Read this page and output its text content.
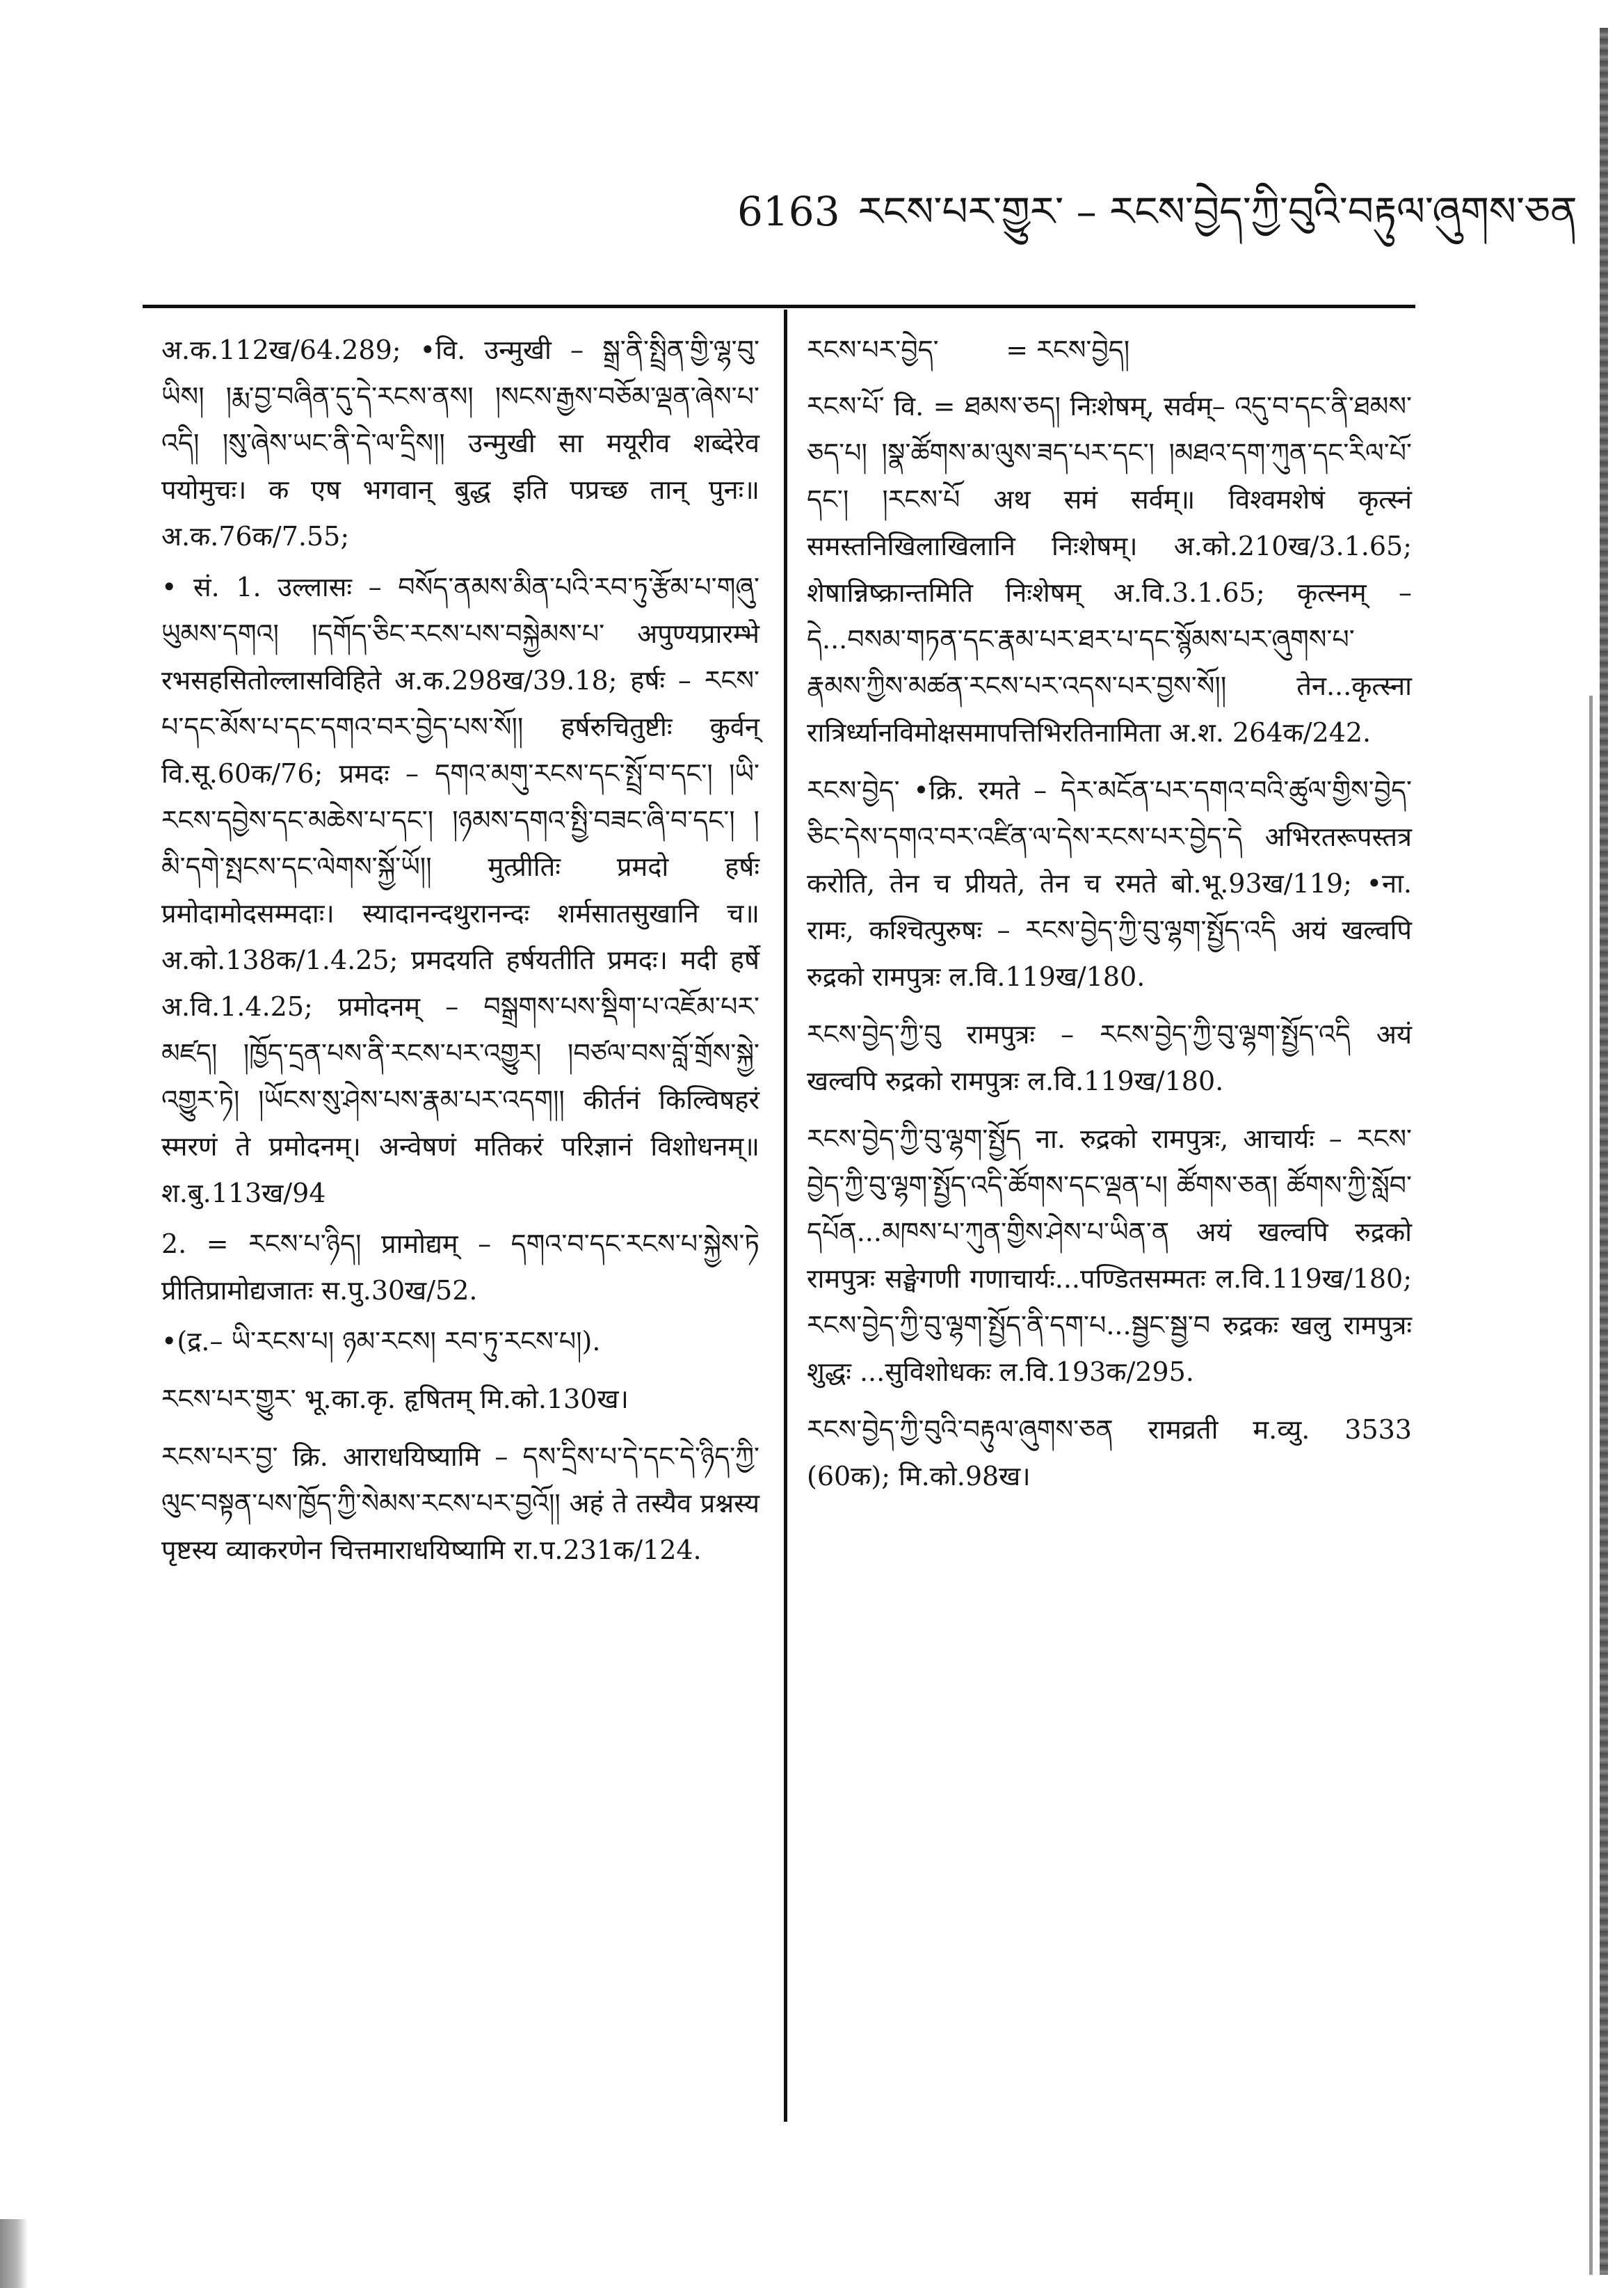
6163 རངས་པར་གྱུར་ – རངས་བྱེད་ཀྱི་བུའི་བརྟུལ་ཞུགས་ཅན

अ.क.112ख/64.289; •वि. उन्मुखी – སྒྲ་ནི་སྤྲིན་གྱི་ལྷ་བུ་ཡིས། །རྨ་བྱ་བཞིན་དུ་དེ་རངས་ནས། །སངས་རྒྱས་བཅོམ་ལྡན་ཞེས་པ་འདི། །སུ་ཞེས་ཡང་ནི་དེ་ལ་དྲིས།། उन्मुखी सा मयूरीव शब्देरेव पयोमुचः। क एष भगवान् बुद्ध इति पप्रच्छ तान् पुनः॥ अ.क.76क/7.55;

• सं. 1. उल्लासः – བསོད་ནམས་མིན་པའི་རབ་ཏུ་རྩོམ་པ་གཞུ་ཡུམས་དགའ། །དགོད་ཅིང་རངས་པས་བསྐྱེམས་པ་ अपुण्यप्रारम्भे रभसहसितोल्लासविहिते अ.क.298ख/39.18; हर्षः – རངས་པ་དང་མོས་པ་དང་དགའ་བར་བྱེད་པས་སོ།། हर्षरुचितुष्टीः कुर्वन् वि.सू.60क/76; प्रमदः – དགའ་མགུ་རངས་དང་སྤྲོ་བ་དང་། །ཡི་རངས་དབྱེས་དང་མཆེས་པ་དང་། །ཉམས་དགའ་སྤྱི་བཟང་ཞི་བ་དང་། །མི་དགེ་སྤངས་དང་ལེགས་སྐྱོ་ཡོ།། मुत्प्रीतिः प्रमदो हर्षः प्रमोदामोदसम्मदाः। स्यादानन्दथुरानन्दः शर्मसातसुखानि च॥ अ.को.138क/1.4.25; प्रमदयति हर्षयतीति प्रमदः। मदी हर्षे अ.वि.1.4.25; प्रमोदनम् – བསྒྲགས་པས་སྡིག་པ་འཇོམ་པར་མཛད། །ཁྱོད་དྲན་པས་ནི་རངས་པར་འགྱུར། །བཙལ་བས་བློ་གྲོས་སྐྱེ་འགྱུར་ཏེ། །ཡོངས་སུ་ཤེས་པས་རྣམ་པར་འདག།། कीर्तनं किल्विषहरं स्मरणं ते प्रमोदनम्। अन्वेषणं मतिकरं परिज्ञानं विशोधनम्॥ श.बु.113ख/94

2. = རངས་པ་ཉིད། प्रामोद्यम् – དགའ་བ་དང་རངས་པ་སྐྱེས་ཏེ प्रीतिप्रामोद्यजातः स.पु.30ख/52.

•(द्र.– ཡི་རངས་པ། ཉམ་རངས། རབ་ཏུ་རངས་པ།).

རངས་པར་གྱུར་ भू.का.कृ. हृषितम् मि.को.130ख।

རངས་པར་བྱ་ क्रि. आराधयिष्यामि – དས་དྲིས་པ་དེ་དང་དེ་ཉིད་ཀྱི་ལུང་བསྟན་པས་ཁྱོད་ཀྱི་སེམས་རངས་པར་བྱའོ།། अहं ते तस्यैव प्रश्नस्य पृष्टस्य व्याकरणेन चित्तमाराधयिष्यामि रा.प.231क/124.

རངས་པར་བྱེད་	= རངས་བྱེད།

རངས་པོ་ वि. = ཐམས་ཅད། निःशेषम्, सर्वम्– འདུ་བ་དང་ནི་ཐམས་ཅད་པ། །སྣ་ཚོགས་མ་ལུས་ཟད་པར་དང་། །མཐའ་དག་ཀུན་དང་རིལ་པོ་དང་། །རངས་པོ अथ समं सर्वम्॥ विश्वमशेषं कृत्स्नं समस्तनिखिलाखिलानि निःशेषम्। अ.को.210ख/3.1.65; शेषान्निष्क्रान्तमिति निःशेषम् अ.वि.3.1.65; कृत्स्नम् – དེ...བསམ་གཏན་དང་རྣམ་པར་ཐར་པ་དང་སྙོམས་པར་ཞུགས་པ་རྣམས་ཀྱིས་མཚན་རངས་པར་འདས་པར་བྱས་སོ།། तेन...कृत्स्ना रात्रिर्ध्यानविमोक्षसमापत्तिभिरतिनामिता अ.श. 264क/242.

རངས་བྱེད་ •क्रि. रमते – དེར་མངོན་པར་དགའ་བའི་ཚུལ་གྱིས་བྱེད་ཅིང་དེས་དགའ་བར་འཛིན་ལ་དེས་རངས་པར་བྱེད་དེ अभिरतरूपस्तत्र करोति, तेन च प्रीयते, तेन च रमते बो.भू.93ख/119; •ना. रामः, कश्चित्पुरुषः – རངས་བྱེད་ཀྱི་བུ་ལྷག་སྤྱོད་འདི अयं खल्वपि रुद्रको रामपुत्रः ल.वि.119ख/180.

རངས་བྱེད་ཀྱི་བུ रामपुत्रः – རངས་བྱེད་ཀྱི་བུ་ལྷག་སྤྱོད་འདི अयं खल्वपि रुद्रको रामपुत्रः ल.वि.119ख/180.

རངས་བྱེད་ཀྱི་བུ་ལྷག་སྤྱོད ना. रुद्रको रामपुत्रः, आचार्यः – རངས་བྱེད་ཀྱི་བུ་ལྷག་སྤྱོད་འདི་ཚོགས་དང་ལྡན་པ། ཚོགས་ཅན། ཚོགས་ཀྱི་སློབ་དཔོན...མཁས་པ་ཀུན་གྱིས་ཤེས་པ་ཡིན་ན अयं खल्वपि रुद्रको रामपुत्रः सङ्घेगणी गणाचार्यः...पण्डितसम्मतः ल.वि.119ख/180; རངས་བྱེད་ཀྱི་བུ་ལྷག་སྤྱོད་ནི་དག་པ...སྦྱང་སྦྱ་བ रुद्रकः खलु रामपुत्रः शुद्धः ...सुविशोधकः ल.वि.193क/295.

རངས་བྱེད་ཀྱི་བུའི་བརྟུལ་ཞུགས་ཅན रामव्रती म.व्यु. 3533 (60क); मि.को.98ख।
